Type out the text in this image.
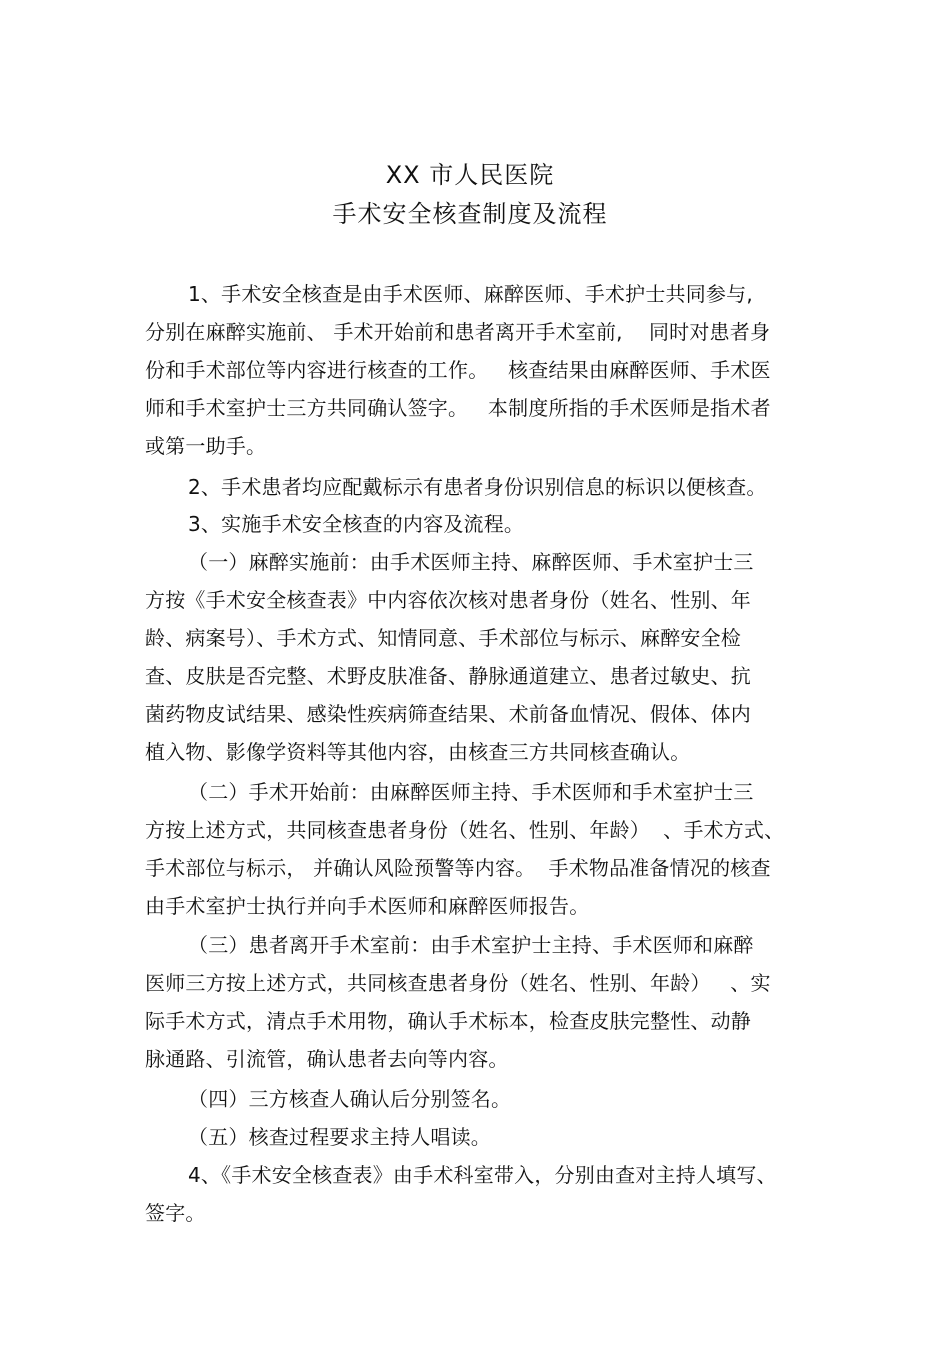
XX 市人民医院
手术安全核查制度及流程
1、手术安全核查是由手术医师、麻醉医师、手术护士共同参与,
分别在麻醉实施前、 手术开始前和患者离开手术室前,    同时对患者身
份和手术部位等内容进行核查的工作。   核查结果由麻醉医师、手术医
师和手术室护士三方共同确认签字。   本制度所指的手术医师是指术者
或第一助手。
2、手术患者均应配戴标示有患者身份识别信息的标识以便核查。
3、实施手术安全核查的内容及流程。
（一）麻醉实施前：由手术医师主持、麻醉医师、手术室护士三
方按《手术安全核查表》中内容依次核对患者身份（姓名、性别、年
龄、病案号）、手术方式、知情同意、手术部位与标示、麻醉安全检
查、皮肤是否完整、术野皮肤准备、静脉通道建立、患者过敏史、抗
菌药物皮试结果、感染性疾病筛查结果、术前备血情况、假体、体内
植入物、影像学资料等其他内容，由核查三方共同核查确认。
（二）手术开始前：由麻醉医师主持、手术医师和手术室护士三
方按上述方式，共同核查患者身份（姓名、性别、年龄）  、手术方式、
手术部位与标示， 并确认风险预警等内容。  手术物品准备情况的核查
由手术室护士执行并向手术医师和麻醉医师报告。
（三）患者离开手术室前：由手术室护士主持、手术医师和麻醉
医师三方按上述方式，共同核查患者身份（姓名、性别、年龄）   、实
际手术方式，清点手术用物，确认手术标本，检查皮肤完整性、动静
脉通路、引流管，确认患者去向等内容。
（四）三方核查人确认后分别签名。
（五）核查过程要求主持人唱读。
4、《手术安全核查表》由手术科室带入，分别由查对主持人填写、
签字。
